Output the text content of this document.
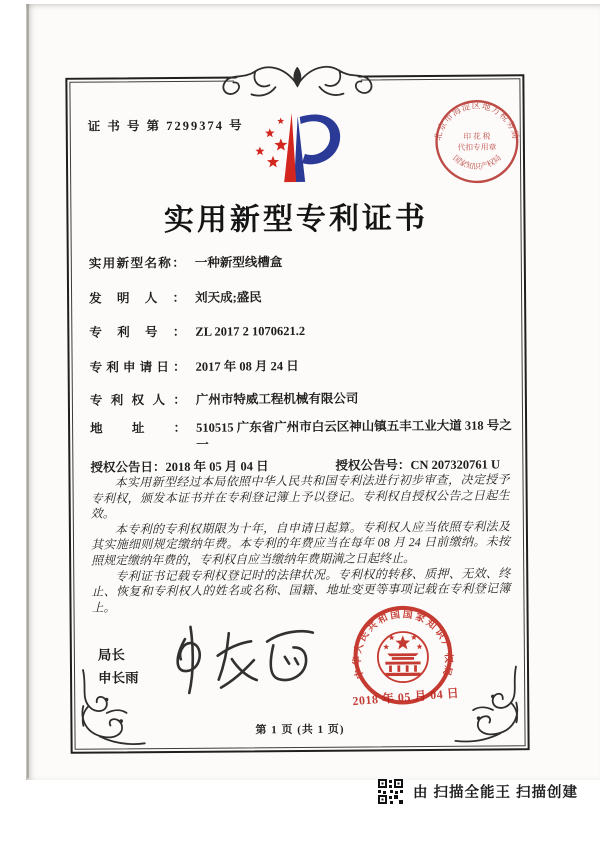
证 书 号 第 7299374 号
北京市海淀区地方税务局
国家知识产权局
印 花 税
代扣专用章
实用新型专利证书
实用新型名称： 一种新型线槽盒
发明人： 刘天成;盛民
专利号： ZL 2017 2 1070621.2
专利申请日： 2017 年 08 月 24 日
专利权人： 广州市特威工程机械有限公司
地址： 510515 广东省广州市白云区神山镇五丰工业大道 318 号之一
授权公告日：2018 年 05 月 04 日	授权公告号：CN 207320761 U

本实用新型经过本局依照中华人民共和国专利法进行初步审查，决定授予专利权，颁发本证书并在专利登记簿上予以登记。专利权自授权公告之日起生效。

本专利的专利权期限为十年，自申请日起算。专利权人应当依照专利法及其实施细则规定缴纳年费。本专利的年费应当在每年 08 月 24 日前缴纳。未按照规定缴纳年费的，专利权自应当缴纳年费期满之日起终止。

专利证书记载专利权登记时的法律状况。专利权的转移、质押、无效、终止、恢复和专利权人的姓名或名称、国籍、地址变更等事项记载在专利登记簿上。

局长
申长雨	中华人民共和国国家知识产权局
2018 年 05 月 04 日
第 1 页 (共 1 页)
由 扫描全能王 扫描创建
